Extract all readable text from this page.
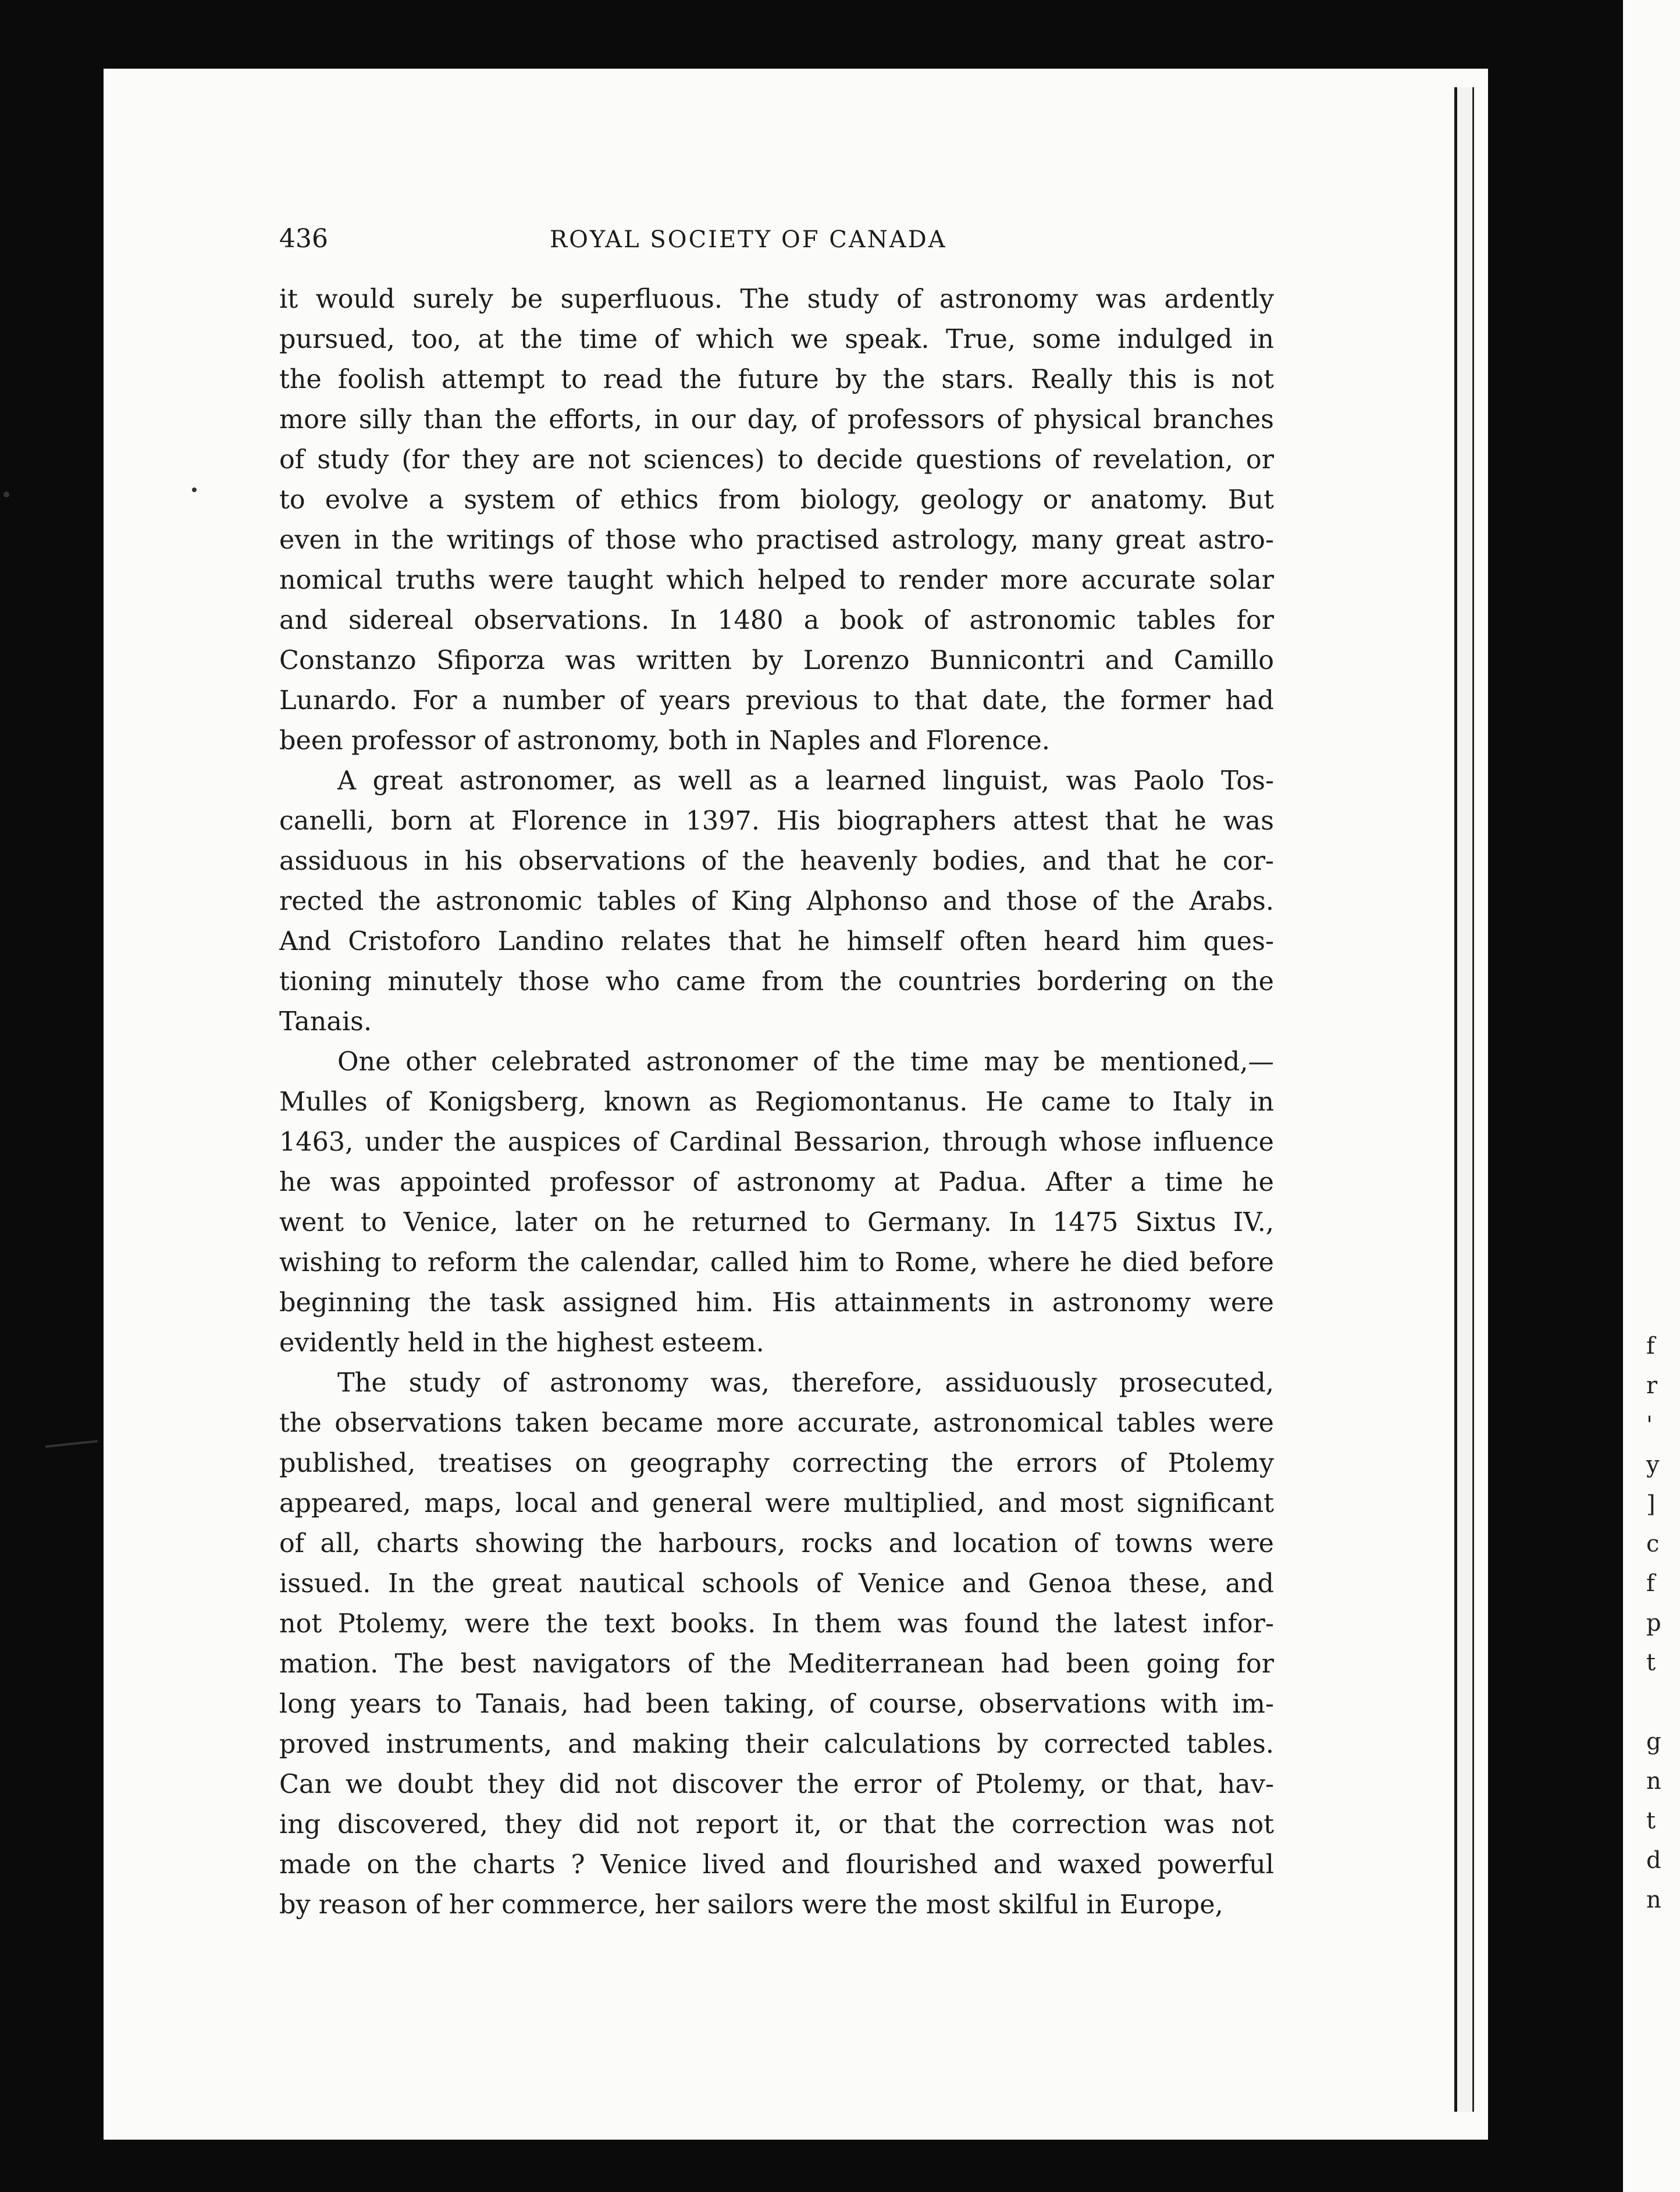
f
r
'
y
]
c
f
p
t
g
n
t
d
n
436	ROYAL SOCIETY OF CANADA
it would surely be superfluous. The study of astronomy was ardently
pursued, too, at the time of which we speak. True, some indulged in
the foolish attempt to read the future by the stars. Really this is not
more silly than the efforts, in our day, of professors of physical branches
of study (for they are not sciences) to decide questions of revelation, or
to evolve a system of ethics from biology, geology or anatomy. But
even in the writings of those who practised astrology, many great astro-
nomical truths were taught which helped to render more accurate solar
and sidereal observations. In 1480 a book of astronomic tables for
Constanzo Sfiporza was written by Lorenzo Bunnicontri and Camillo
Lunardo. For a number of years previous to that date, the former had
been professor of astronomy, both in Naples and Florence.
A great astronomer, as well as a learned linguist, was Paolo Tos-
canelli, born at Florence in 1397. His biographers attest that he was
assiduous in his observations of the heavenly bodies, and that he cor-
rected the astronomic tables of King Alphonso and those of the Arabs.
And Cristoforo Landino relates that he himself often heard him ques-
tioning minutely those who came from the countries bordering on the
Tanais.
One other celebrated astronomer of the time may be mentioned,—
Mulles of Konigsberg, known as Regiomontanus. He came to Italy in
1463, under the auspices of Cardinal Bessarion, through whose influence
he was appointed professor of astronomy at Padua. After a time he
went to Venice, later on he returned to Germany. In 1475 Sixtus IV.,
wishing to reform the calendar, called him to Rome, where he died before
beginning the task assigned him. His attainments in astronomy were
evidently held in the highest esteem.
The study of astronomy was, therefore, assiduously prosecuted,
the observations taken became more accurate, astronomical tables were
published, treatises on geography correcting the errors of Ptolemy
appeared, maps, local and general were multiplied, and most significant
of all, charts showing the harbours, rocks and location of towns were
issued. In the great nautical schools of Venice and Genoa these, and
not Ptolemy, were the text books. In them was found the latest infor-
mation. The best navigators of the Mediterranean had been going for
long years to Tanais, had been taking, of course, observations with im-
proved instruments, and making their calculations by corrected tables.
Can we doubt they did not discover the error of Ptolemy, or that, hav-
ing discovered, they did not report it, or that the correction was not
made on the charts ? Venice lived and flourished and waxed powerful
by reason of her commerce, her sailors were the most skilful in Europe,
